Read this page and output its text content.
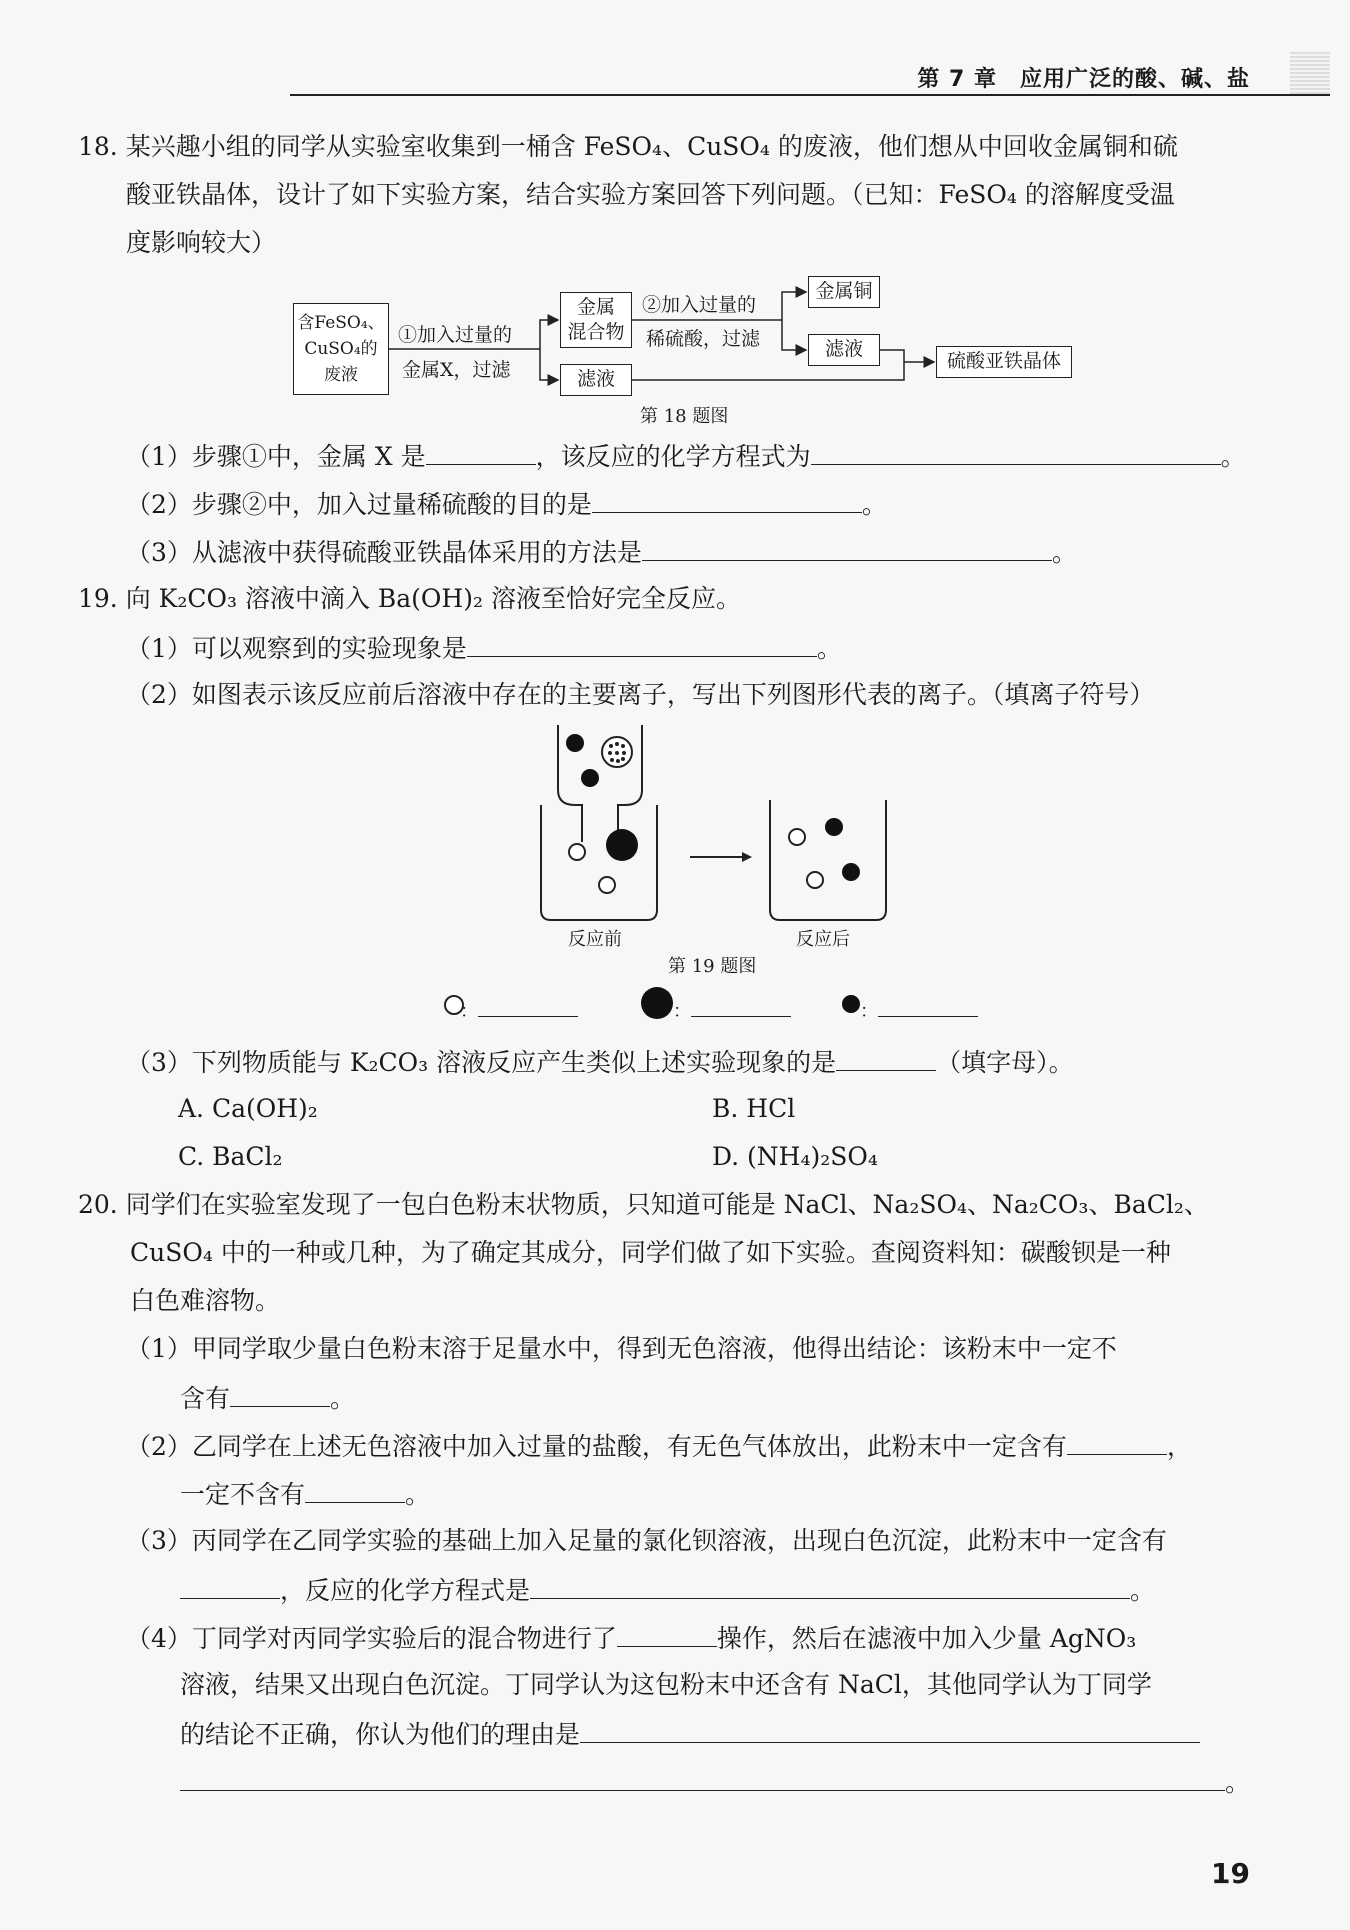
第 7 章　应用广泛的酸、碱、盐
18. 某兴趣小组的同学从实验室收集到一桶含 FeSO₄、CuSO₄ 的废液，他们想从中回收金属铜和硫
酸亚铁晶体，设计了如下实验方案，结合实验方案回答下列问题。（已知：FeSO₄ 的溶解度受温
度影响较大）
含FeSO₄、
CuSO₄的
废液
①加入过量的
金属X，过滤
金属
混合物
滤液
②加入过量的
稀硫酸，过滤
金属铜
滤液
硫酸亚铁晶体
第 18 题图
（1）步骤①中，金属 X 是	，该反应的化学方程式为	。
（2）步骤②中，加入过量稀硫酸的目的是	。
（3）从滤液中获得硫酸亚铁晶体采用的方法是	。
19. 向 K₂CO₃ 溶液中滴入 Ba(OH)₂ 溶液至恰好完全反应。
（1）可以观察到的实验现象是	。
（2）如图表示该反应前后溶液中存在的主要离子，写出下列图形代表的离子。（填离子符号）
反应前	反应后
第 19 题图
：	：	：
（3）下列物质能与 K₂CO₃ 溶液反应产生类似上述实验现象的是	（填字母）。
A. Ca(OH)₂	B. HCl
C. BaCl₂	D. (NH₄)₂SO₄
20. 同学们在实验室发现了一包白色粉末状物质，只知道可能是 NaCl、Na₂SO₄、Na₂CO₃、BaCl₂、
CuSO₄ 中的一种或几种，为了确定其成分，同学们做了如下实验。查阅资料知：碳酸钡是一种
白色难溶物。
（1）甲同学取少量白色粉末溶于足量水中，得到无色溶液，他得出结论：该粉末中一定不
含有	。
（2）乙同学在上述无色溶液中加入过量的盐酸，有无色气体放出，此粉末中一定含有	，
一定不含有	。
（3）丙同学在乙同学实验的基础上加入足量的氯化钡溶液，出现白色沉淀，此粉末中一定含有
，反应的化学方程式是	。
（4）丁同学对丙同学实验后的混合物进行了	操作，然后在滤液中加入少量 AgNO₃
溶液，结果又出现白色沉淀。丁同学认为这包粉末中还含有 NaCl，其他同学认为丁同学
的结论不正确，你认为他们的理由是
。
19
